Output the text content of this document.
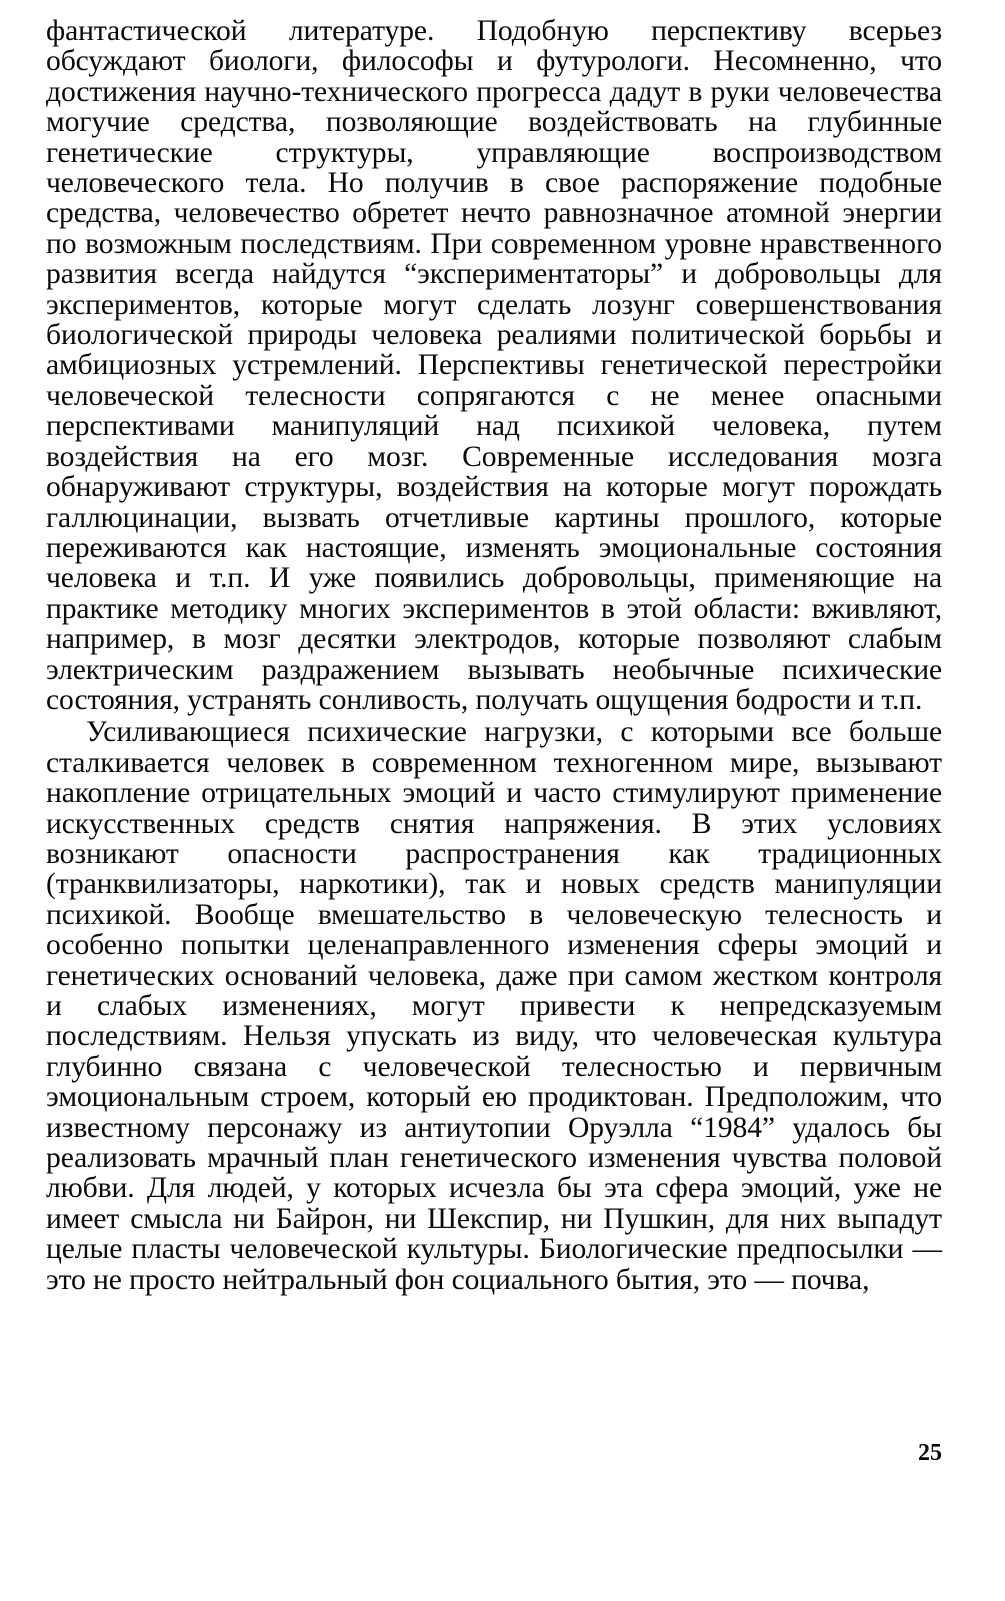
фантастической литературе. Подобную перспективу всерьез обсуждают биологи, философы и футурологи. Несомненно, что достижения научно-технического прогресса дадут в руки человечества могучие средства, позволяющие воздействовать на глубинные генетические структуры, управляющие воспроизводством человеческого тела. Но получив в свое распоряжение подобные средства, человечество обретет нечто равнозначное атомной энергии по возможным последствиям. При современном уровне нравственного развития всегда найдутся “экспериментаторы” и добровольцы для экспериментов, которые могут сделать лозунг совершенствования биологической природы человека реалиями политической борьбы и амбициозных устремлений. Перспективы генетической перестройки человеческой телесности сопрягаются с не менее опасными перспективами манипуляций над психикой человека, путем воздействия на его мозг. Современные исследования мозга обнаруживают структуры, воздействия на которые могут порождать галлюцинации, вызвать отчетливые картины прошлого, которые переживаются как настоящие, изменять эмоциональные состояния человека и т.п. И уже появились добровольцы, применяющие на практике методику многих экспериментов в этой области: вживляют, например, в мозг десятки электродов, которые позволяют слабым электрическим раздражением вызывать необычные психические состояния, устранять сонливость, получать ощущения бодрости и т.п.

Усиливающиеся психические нагрузки, с которыми все больше сталкивается человек в современном техногенном мире, вызывают накопление отрицательных эмоций и часто стимулируют применение искусственных средств снятия напряжения. В этих условиях возникают опасности распространения как традиционных (транквилизаторы, наркотики), так и новых средств манипуляции психикой. Вообще вмешательство в человеческую телесность и особенно попытки целенаправленного изменения сферы эмоций и генетических оснований человека, даже при самом жестком контроля и слабых изменениях, могут привести к непредсказуемым последствиям. Нельзя упускать из виду, что человеческая культура глубинно связана с человеческой телесностью и первичным эмоциональным строем, который ею продиктован. Предположим, что известному персонажу из антиутопии Оруэлла “1984” удалось бы реализовать мрачный план генетического изменения чувства половой любви. Для людей, у которых исчезла бы эта сфера эмоций, уже не имеет смысла ни Байрон, ни Шекспир, ни Пушкин, для них выпадут целые пласты человеческой культуры. Биологические предпосылки — это не просто нейтральный фон социального бытия, это — почва,

25
